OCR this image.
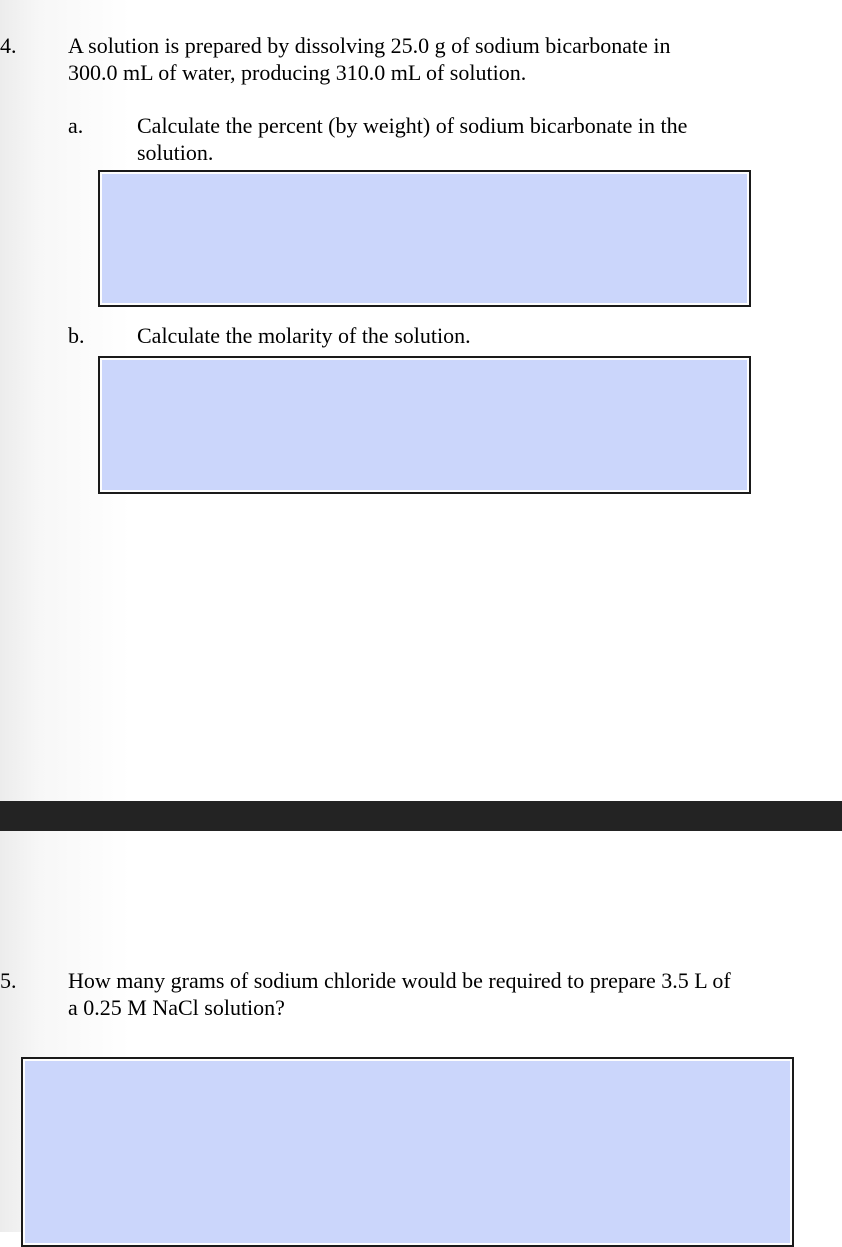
4. A solution is prepared by dissolving 25.0 g of sodium bicarbonate in
300.0 mL of water, producing 310.0 mL of solution.
a. Calculate the percent (by weight) of sodium bicarbonate in the
solution.
b. Calculate the molarity of the solution.
5. How many grams of sodium chloride would be required to prepare 3.5 L of
a 0.25 M NaCl solution?
